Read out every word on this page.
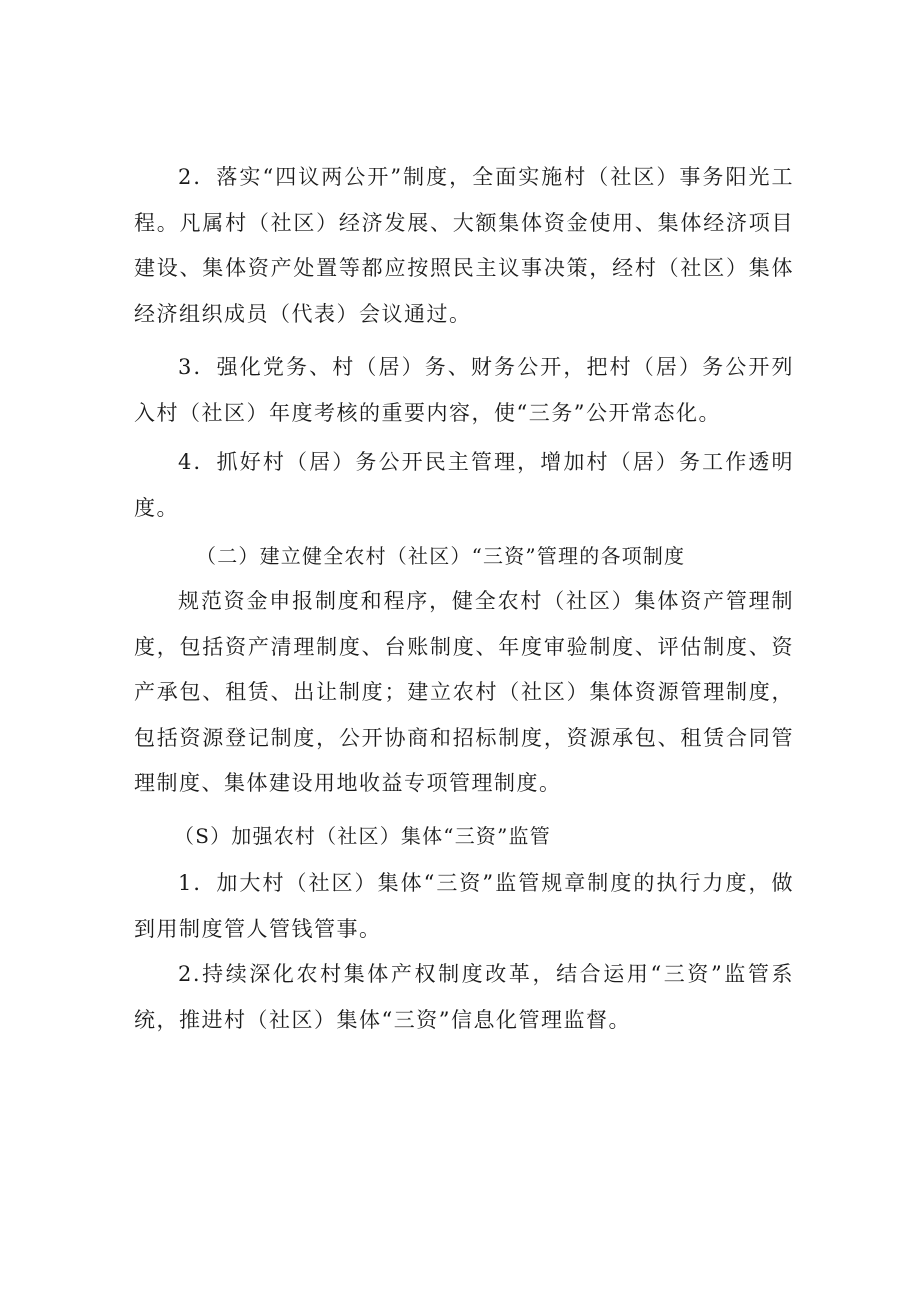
2．落实“四议两公开”制度，全面实施村（社区）事务阳光工程。凡属村（社区）经济发展、大额集体资金使用、集体经济项目建设、集体资产处置等都应按照民主议事决策，经村（社区）集体经济组织成员（代表）会议通过。

3．强化党务、村（居）务、财务公开，把村（居）务公开列入村（社区）年度考核的重要内容，使“三务”公开常态化。

4．抓好村（居）务公开民主管理，增加村（居）务工作透明度。

（二）建立健全农村（社区）“三资”管理的各项制度

规范资金申报制度和程序，健全农村（社区）集体资产管理制度，包括资产清理制度、台账制度、年度审验制度、评估制度、资产承包、租赁、出让制度；建立农村（社区）集体资源管理制度，包括资源登记制度，公开协商和招标制度，资源承包、租赁合同管理制度、集体建设用地收益专项管理制度。

（S）加强农村（社区）集体“三资”监管

1．加大村（社区）集体“三资”监管规章制度的执行力度，做到用制度管人管钱管事。

2.持续深化农村集体产权制度改革，结合运用“三资”监管系统，推进村（社区）集体“三资”信息化管理监督。
